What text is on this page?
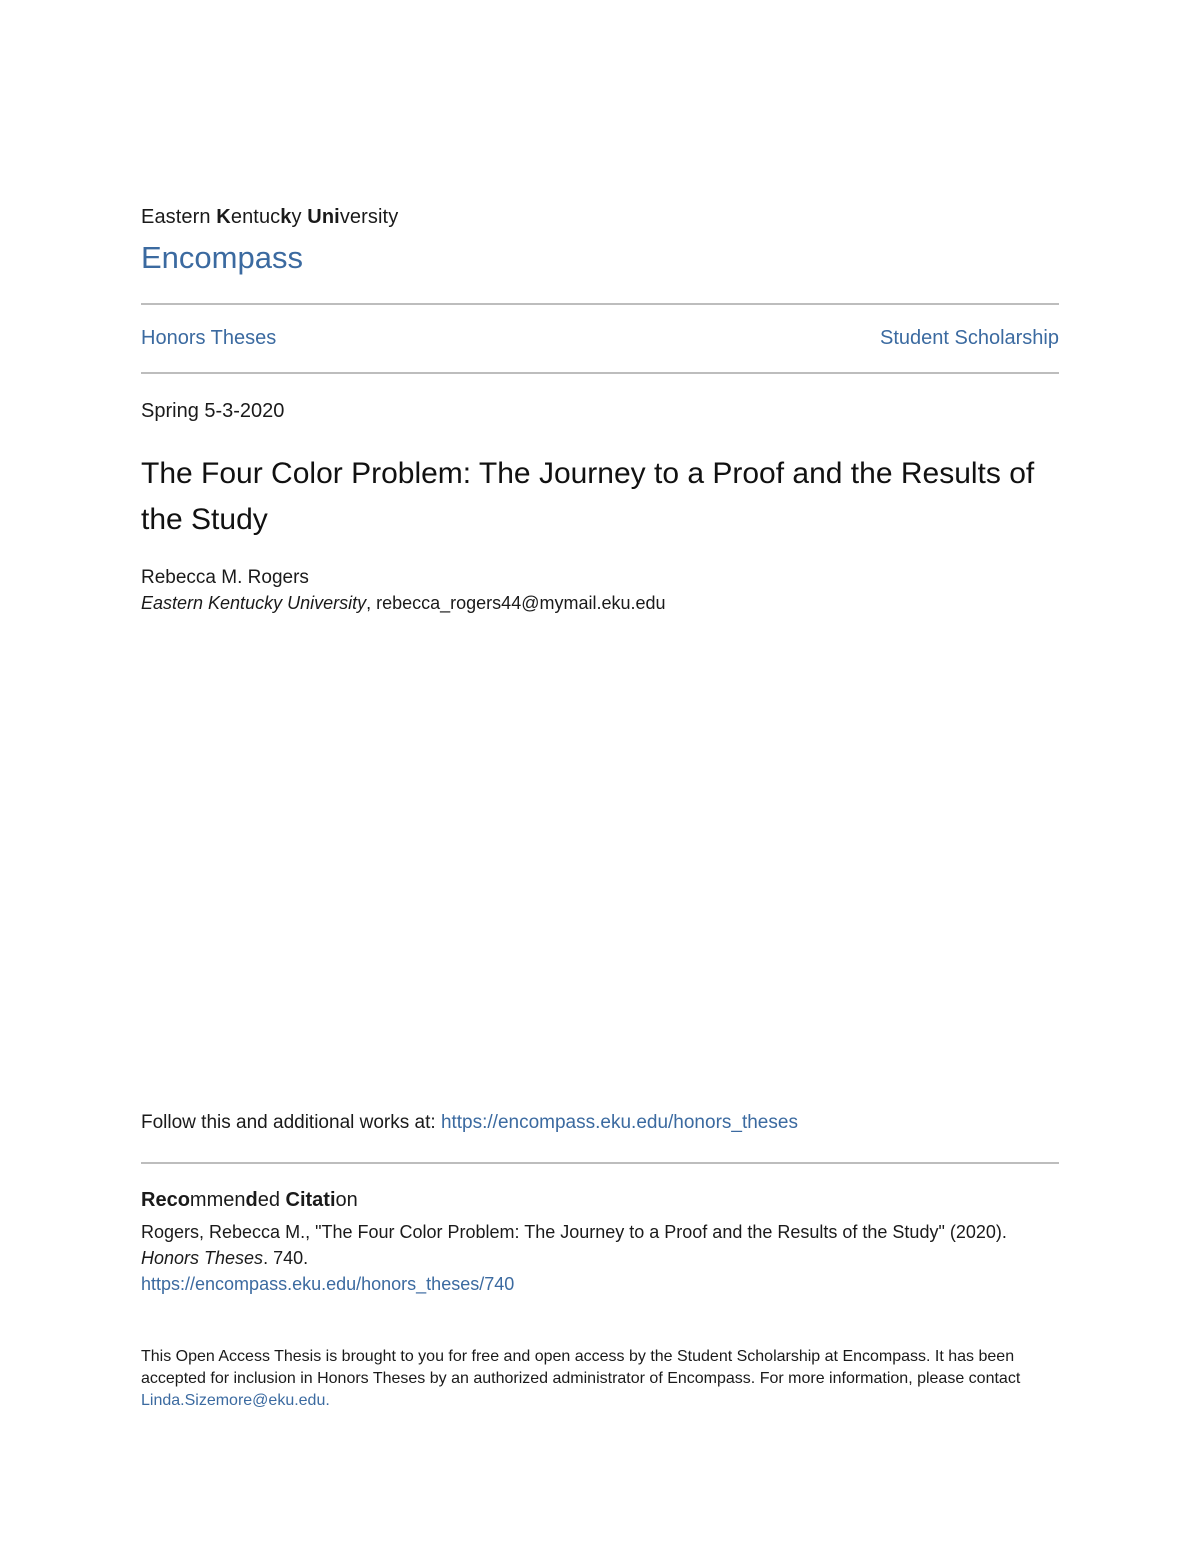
Eastern Kentucky University
Encompass
Honors Theses	Student Scholarship
Spring 5-3-2020
The Four Color Problem: The Journey to a Proof and the Results of the Study
Rebecca M. Rogers
Eastern Kentucky University, rebecca_rogers44@mymail.eku.edu
Follow this and additional works at: https://encompass.eku.edu/honors_theses
Recommended Citation
Rogers, Rebecca M., "The Four Color Problem: The Journey to a Proof and the Results of the Study" (2020). Honors Theses. 740.
https://encompass.eku.edu/honors_theses/740
This Open Access Thesis is brought to you for free and open access by the Student Scholarship at Encompass. It has been accepted for inclusion in Honors Theses by an authorized administrator of Encompass. For more information, please contact Linda.Sizemore@eku.edu.
